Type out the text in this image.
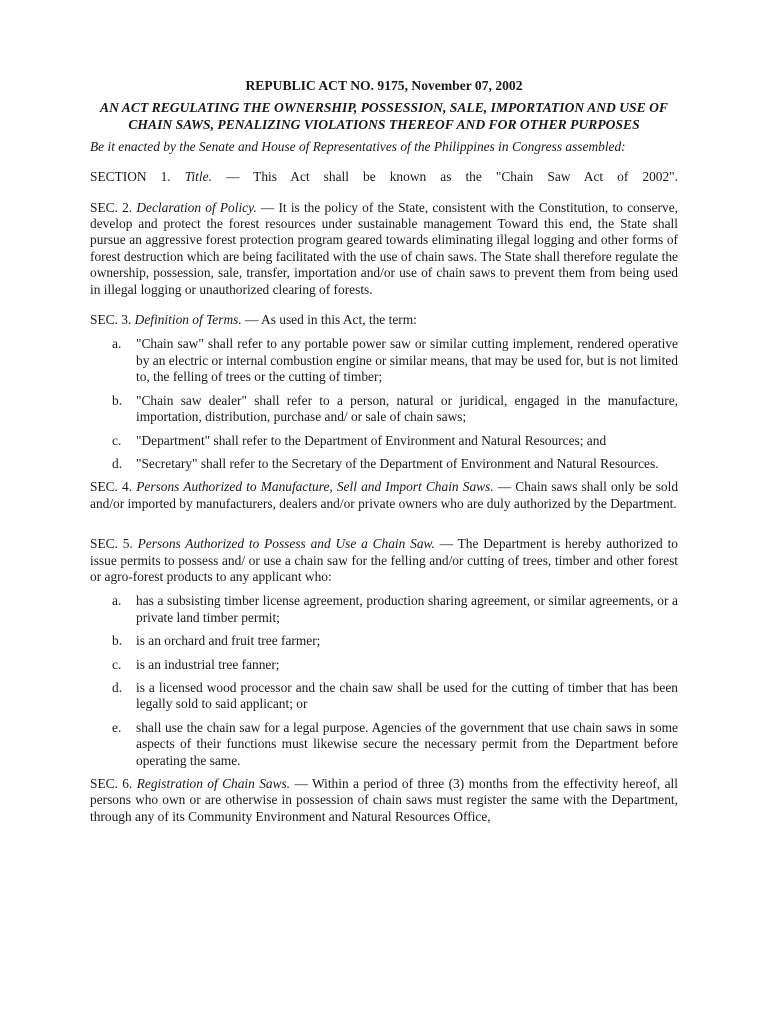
REPUBLIC ACT NO. 9175, November 07, 2002
AN ACT REGULATING THE OWNERSHIP, POSSESSION, SALE, IMPORTATION AND USE OF CHAIN SAWS, PENALIZING VIOLATIONS THEREOF AND FOR OTHER PURPOSES

Be it enacted by the Senate and House of Representatives of the Philippines in Congress assembled:

SECTION 1. Title. — This Act shall be known as the "Chain Saw Act of 2002".

SEC. 2. Declaration of Policy. — It is the policy of the State, consistent with the Constitution, to conserve, develop and protect the forest resources under sustainable management Toward this end, the State shall pursue an aggressive forest protection program geared towards eliminating illegal logging and other forms of forest destruction which are being facilitated with the use of chain saws. The State shall therefore regulate the ownership, possession, sale, transfer, importation and/or use of chain saws to prevent them from being used in illegal logging or unauthorized clearing of forests.

SEC. 3. Definition of Terms. — As used in this Act, the term:

a. "Chain saw" shall refer to any portable power saw or similar cutting implement, rendered operative by an electric or internal combustion engine or similar means, that may be used for, but is not limited to, the felling of trees or the cutting of timber;
b. "Chain saw dealer" shall refer to a person, natural or juridical, engaged in the manufacture, importation, distribution, purchase and/ or sale of chain saws;
c. "Department" shall refer to the Department of Environment and Natural Resources; and
d. "Secretary" shall refer to the Secretary of the Department of Environment and Natural Resources.

SEC. 4. Persons Authorized to Manufacture, Sell and Import Chain Saws. — Chain saws shall only be sold and/or imported by manufacturers, dealers and/or private owners who are duly authorized by the Department.

SEC. 5. Persons Authorized to Possess and Use a Chain Saw. — The Department is hereby authorized to issue permits to possess and/ or use a chain saw for the felling and/or cutting of trees, timber and other forest or agro-forest products to any applicant who:

a. has a subsisting timber license agreement, production sharing agreement, or similar agreements, or a private land timber permit;
b. is an orchard and fruit tree farmer;
c. is an industrial tree fanner;
d. is a licensed wood processor and the chain saw shall be used for the cutting of timber that has been legally sold to said applicant; or
e. shall use the chain saw for a legal purpose. Agencies of the government that use chain saws in some aspects of their functions must likewise secure the necessary permit from the Department before operating the same.

SEC. 6. Registration of Chain Saws. — Within a period of three (3) months from the effectivity hereof, all persons who own or are otherwise in possession of chain saws must register the same with the Department, through any of its Community Environment and Natural Resources Office,
